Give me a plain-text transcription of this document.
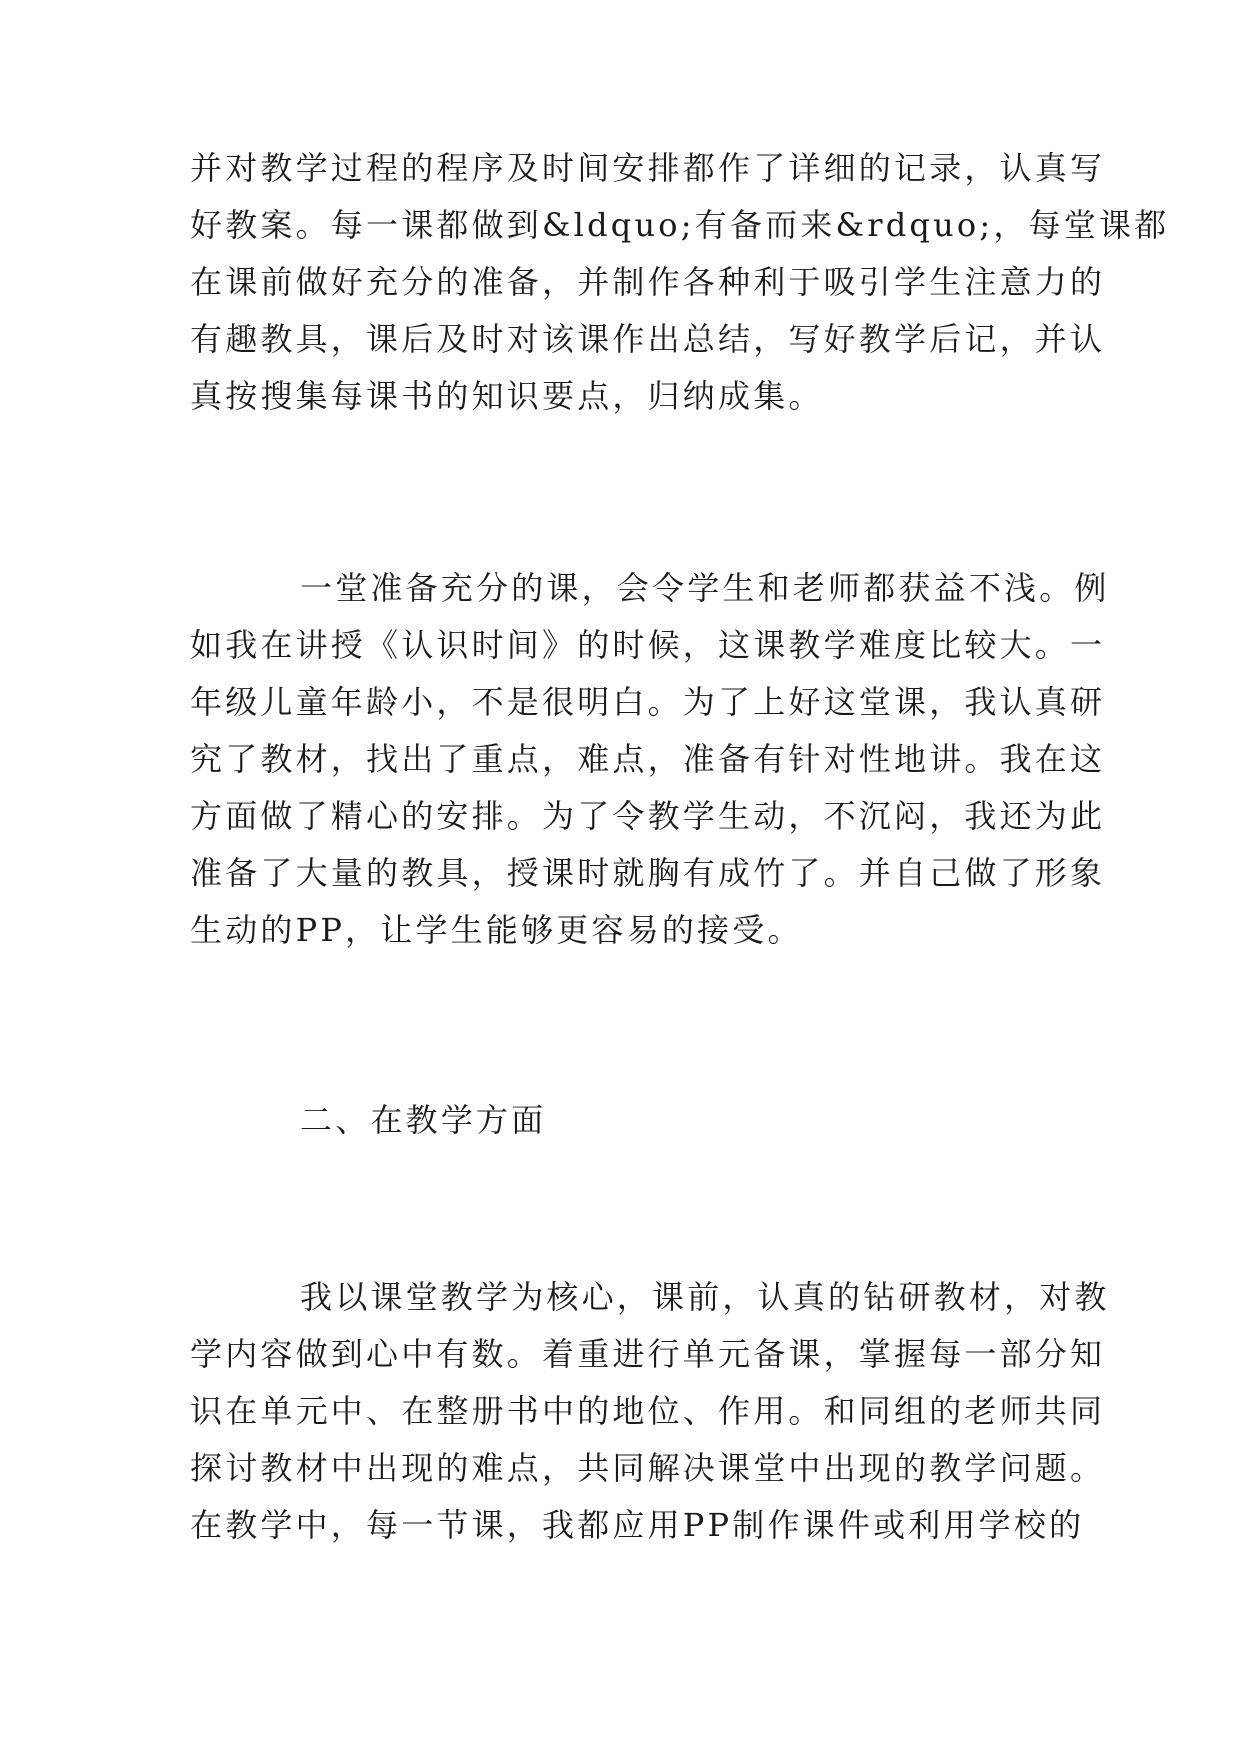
并对教学过程的程序及时间安排都作了详细的记录，认真写
好教案。每一课都做到&ldquo;有备而来&rdquo;，每堂课都
在课前做好充分的准备，并制作各种利于吸引学生注意力的
有趣教具，课后及时对该课作出总结，写好教学后记，并认
真按搜集每课书的知识要点，归纳成集。
一堂准备充分的课，会令学生和老师都获益不浅。例
如我在讲授《认识时间》的时候，这课教学难度比较大。一
年级儿童年龄小，不是很明白。为了上好这堂课，我认真研
究了教材，找出了重点，难点，准备有针对性地讲。我在这
方面做了精心的安排。为了令教学生动，不沉闷，我还为此
准备了大量的教具，授课时就胸有成竹了。并自己做了形象
生动的PP，让学生能够更容易的接受。
二、在教学方面
我以课堂教学为核心，课前，认真的钻研教材，对教
学内容做到心中有数。着重进行单元备课，掌握每一部分知
识在单元中、在整册书中的地位、作用。和同组的老师共同
探讨教材中出现的难点，共同解决课堂中出现的教学问题。
在教学中，每一节课，我都应用PP制作课件或利用学校的
